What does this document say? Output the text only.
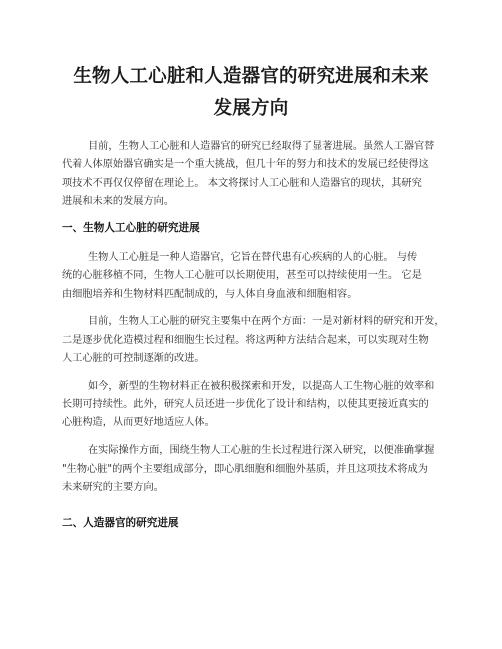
生物人工心脏和人造器官的研究进展和未来
发展方向
目前，生物人工心脏和人造器官的研究已经取得了显著进展。虽然人工器官替
代着人体原始器官确实是一个重大挑战，但几十年的努力和技术的发展已经使得这
项技术不再仅仅停留在理论上。 本文将探讨人工心脏和人造器官的现状，其研究
进展和未来的发展方向。
一、生物人工心脏的研究进展
生物人工心脏是一种人造器官，它旨在替代患有心疾病的人的心脏。 与传
统的心脏移植不同，生物人工心脏可以长期使用，甚至可以持续使用一生。 它是
由细胞培养和生物材料匹配制成的，与人体自身血液和细胞相容。
目前，生物人工心脏的研究主要集中在两个方面：一是对新材料的研究和开发，
二是逐步优化造模过程和细胞生长过程。将这两种方法结合起来，可以实现对生物
人工心脏的可控制逐渐的改进。
如今，新型的生物材料正在被积极探索和开发，以提高人工生物心脏的效率和
长期可持续性。此外，研究人员还进一步优化了设计和结构，以使其更接近真实的
心脏构造，从而更好地适应人体。
在实际操作方面，围绕生物人工心脏的生长过程进行深入研究，以便准确掌握
"生物心脏"的两个主要组成部分，即心肌细胞和细胞外基质，并且这项技术将成为
未来研究的主要方向。
二、人造器官的研究进展
